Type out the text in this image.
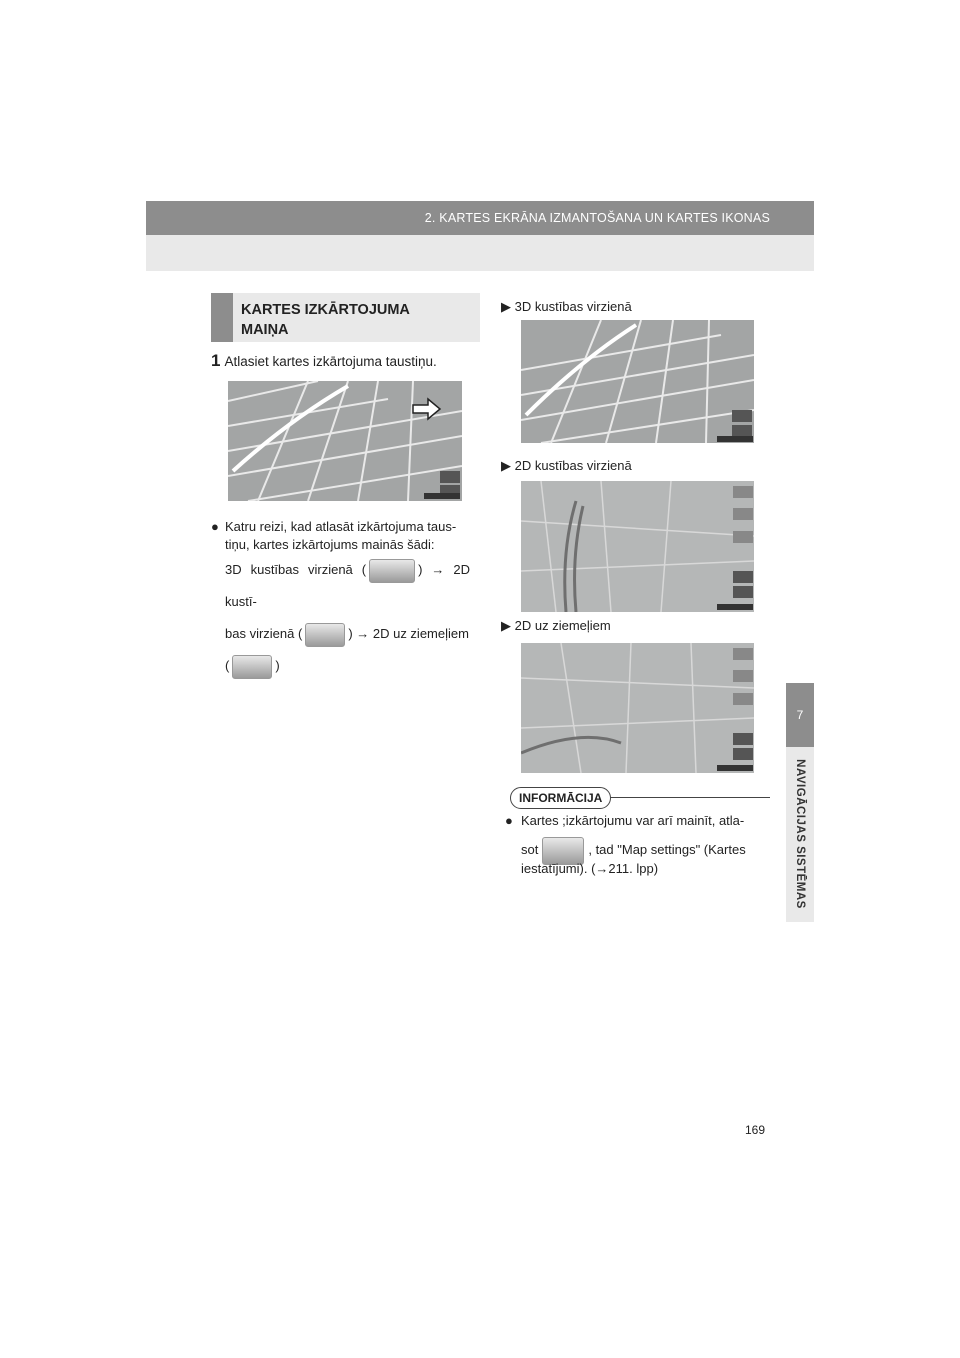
2. KARTES EKRĀNA IZMANTOŠANA UN KARTES IKONAS
7
NAVIGĀCIJAS SISTĒMAS
KARTES IZKĀRTOJUMA
MAIŅA
1 Atlasiet kartes izkārtojuma taustiņu.
● Katru reizi, kad atlasāt izkārtojuma taus-
tiņu, kartes izkārtojums mainās šādi:
3D kustības virzienā (	) → 2D kustī-
bas virzienā (	) → 2D uz ziemeļiem
(	)
▶ 3D kustības virzienā
▶ 2D kustības virzienā
▶ 2D uz ziemeļiem
INFORMĀCIJA
● Kartes ;izkārtojumu var arī mainīt, atla-
sot	, tad "Map settings" (Kartes
iestatījumi). (→211. lpp)
169
